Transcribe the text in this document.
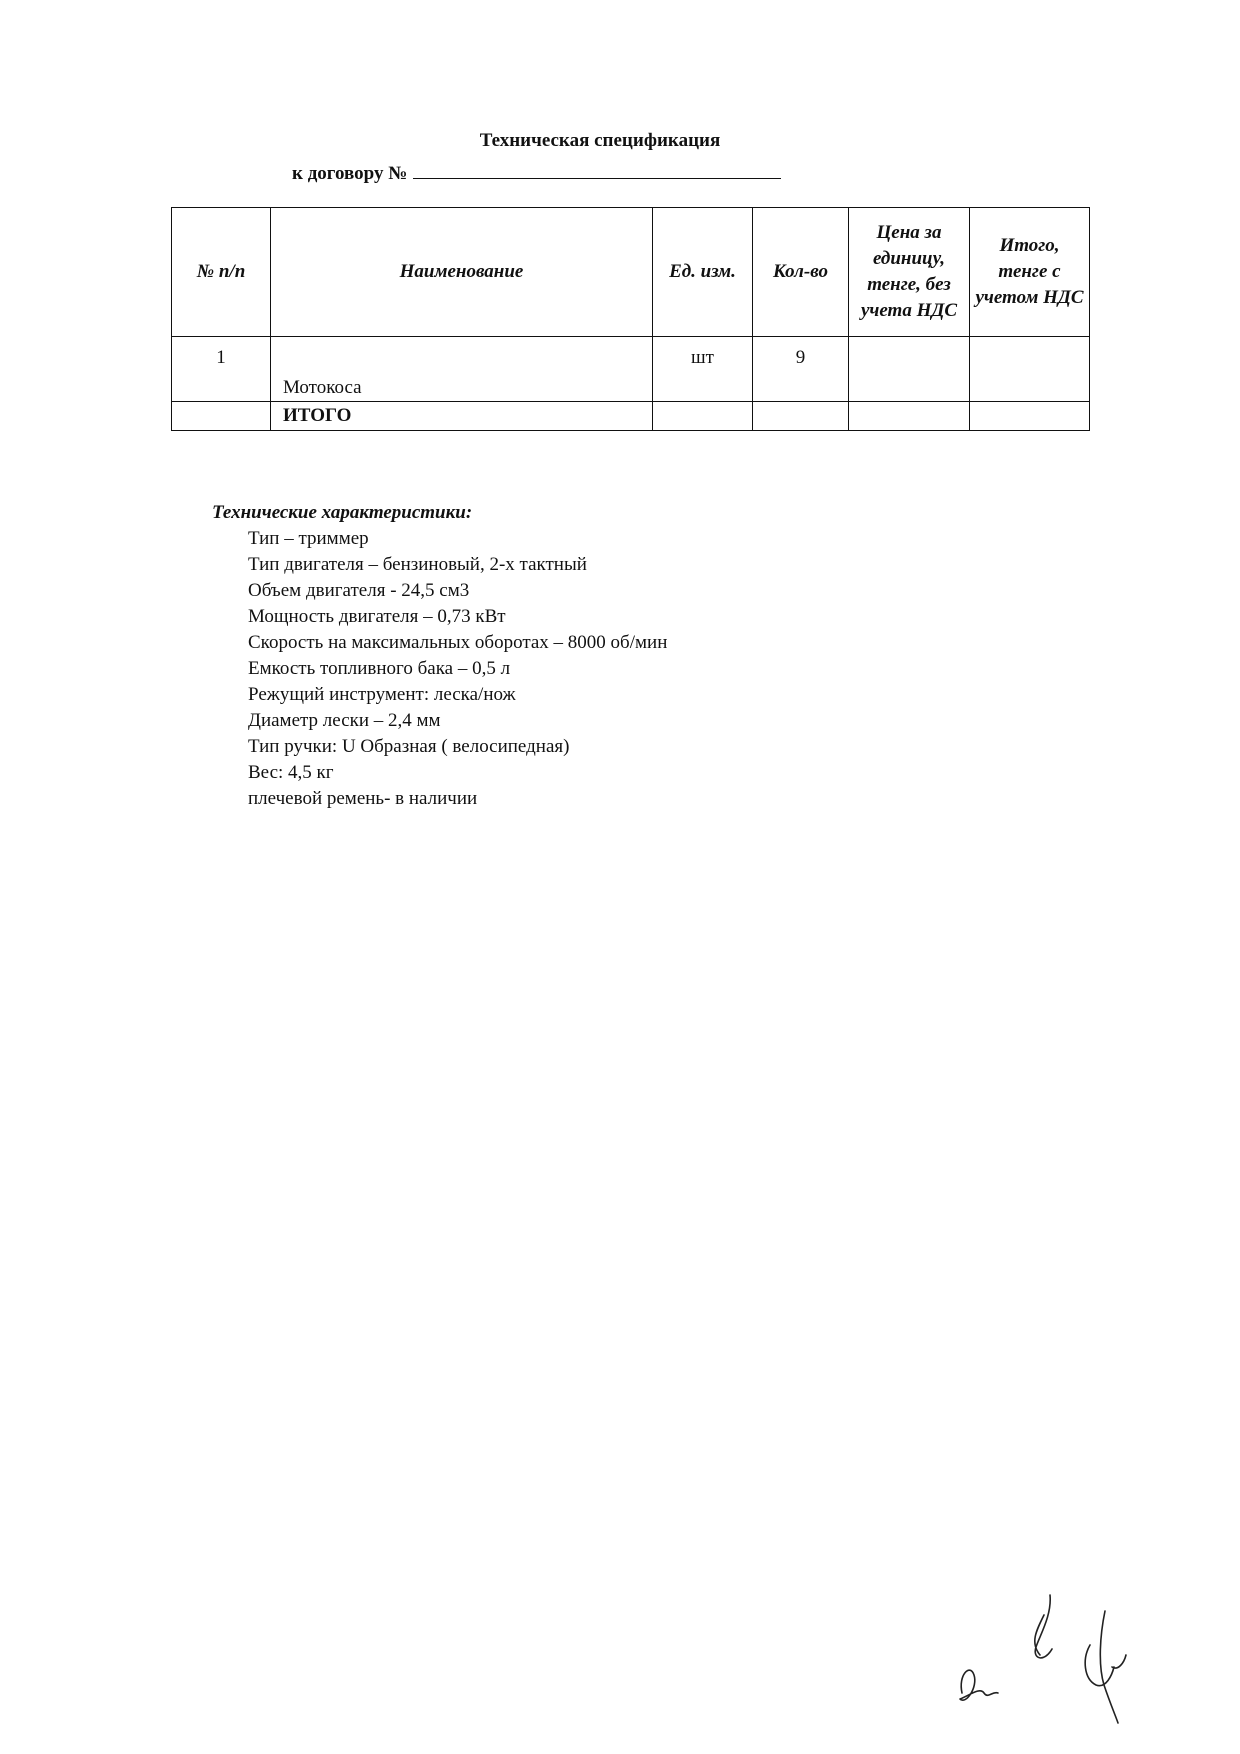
Техническая спецификация
к договору №
№ п/п	Наименование	Ед. изм.	Кол-во	Цена за единицу, тенге, без учета НДС	Итого, тенге с учетом НДС
1	Мотокоса	шт	9		
	ИТОГО				
Технические характеристики:
Тип – триммер
Тип двигателя – бензиновый, 2-х тактный
Объем двигателя - 24,5 см3
Мощность двигателя – 0,73 кВт
Скорость на максимальных оборотах – 8000 об/мин
Емкость топливного бака – 0,5 л
Режущий инструмент: леска/нож
Диаметр лески – 2,4 мм
Тип ручки: U Образная ( велосипедная)
Вес: 4,5 кг
плечевой ремень- в наличии
